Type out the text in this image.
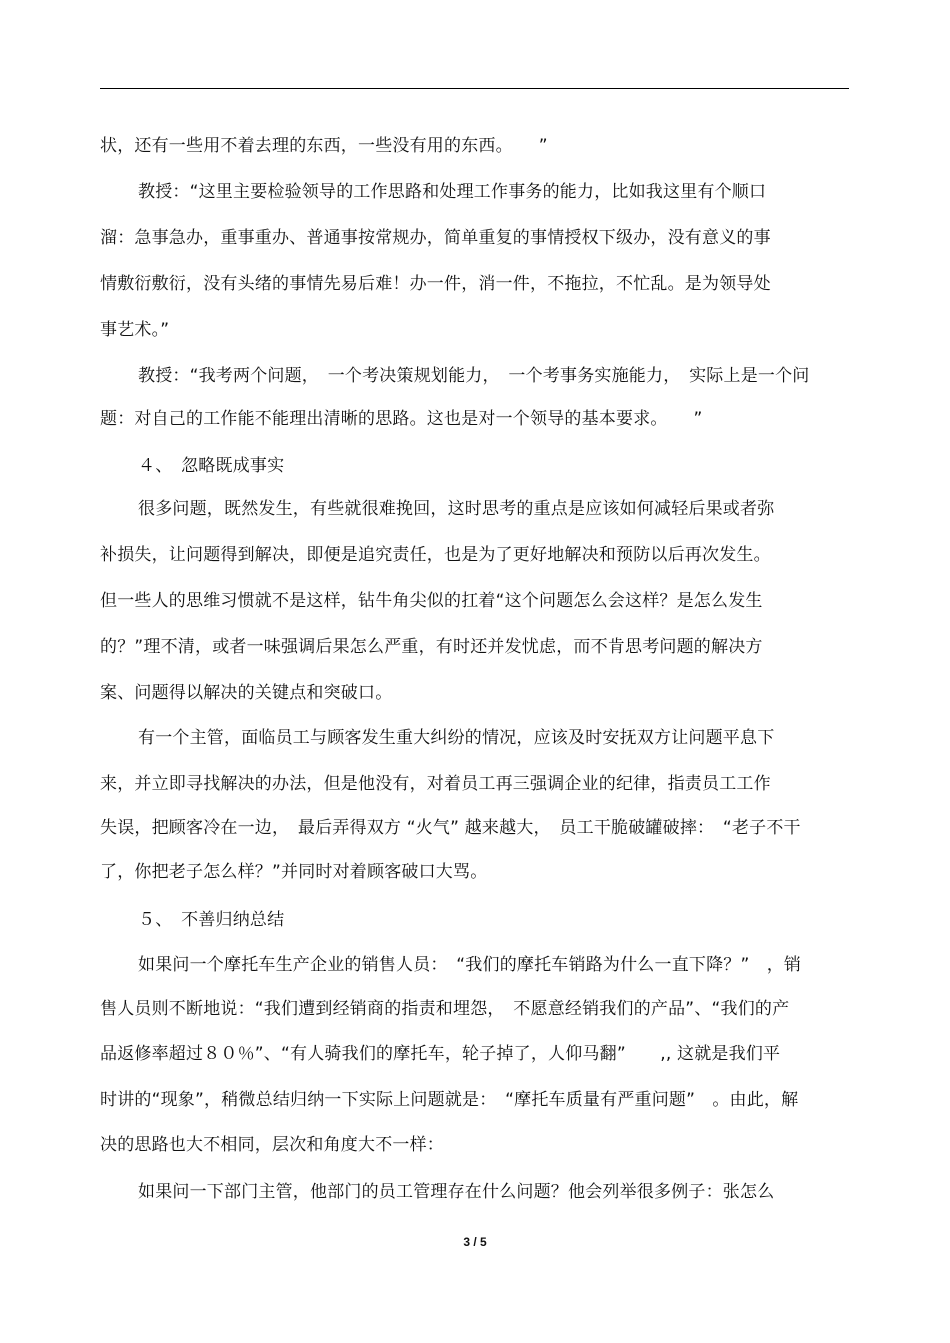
状，还有一些用不着去理的东西，一些没有用的东西。　　”
教授：“这里主要检验领导的工作思路和处理工作事务的能力，比如我这里有个顺口
溜：急事急办，重事重办、普通事按常规办，简单重复的事情授权下级办，没有意义的事
情敷衍敷衍，没有头绪的事情先易后难！办一件，消一件，不拖拉，不忙乱。是为领导处
事艺术。”
教授：“我考两个问题，　一个考决策规划能力，　一个考事务实施能力，　实际上是一个问
题：对自己的工作能不能理出清晰的思路。这也是对一个领导的基本要求。　　”
４、　忽略既成事实
很多问题，既然发生，有些就很难挽回，这时思考的重点是应该如何减轻后果或者弥
补损失，让问题得到解决，即便是追究责任，也是为了更好地解决和预防以后再次发生。
但一些人的思维习惯就不是这样，钻牛角尖似的扛着“这个问题怎么会这样？是怎么发生
的？”理不清，或者一味强调后果怎么严重，有时还并发忧虑，而不肯思考问题的解决方
案、问题得以解决的关键点和突破口。
有一个主管，面临员工与顾客发生重大纠纷的情况，应该及时安抚双方让问题平息下
来，并立即寻找解决的办法，但是他没有，对着员工再三强调企业的纪律，指责员工工作
失误，把顾客冷在一边，　最后弄得双方 “火气” 越来越大，　员工干脆破罐破摔：　“老子不干
了，你把老子怎么样？”并同时对着顾客破口大骂。
５、　不善归纳总结
如果问一个摩托车生产企业的销售人员：　“我们的摩托车销路为什么一直下降？”　，销
售人员则不断地说：“我们遭到经销商的指责和埋怨，　不愿意经销我们的产品”、“我们的产
品返修率超过８０％”、“有人骑我们的摩托车，轮子掉了，人仰马翻”　　,, 这就是我们平
时讲的“现象”，稍微总结归纳一下实际上问题就是：　“摩托车质量有严重问题”　。由此，解
决的思路也大不相同，层次和角度大不一样：
如果问一下部门主管，他部门的员工管理存在什么问题？他会列举很多例子：张怎么
3 / 5
